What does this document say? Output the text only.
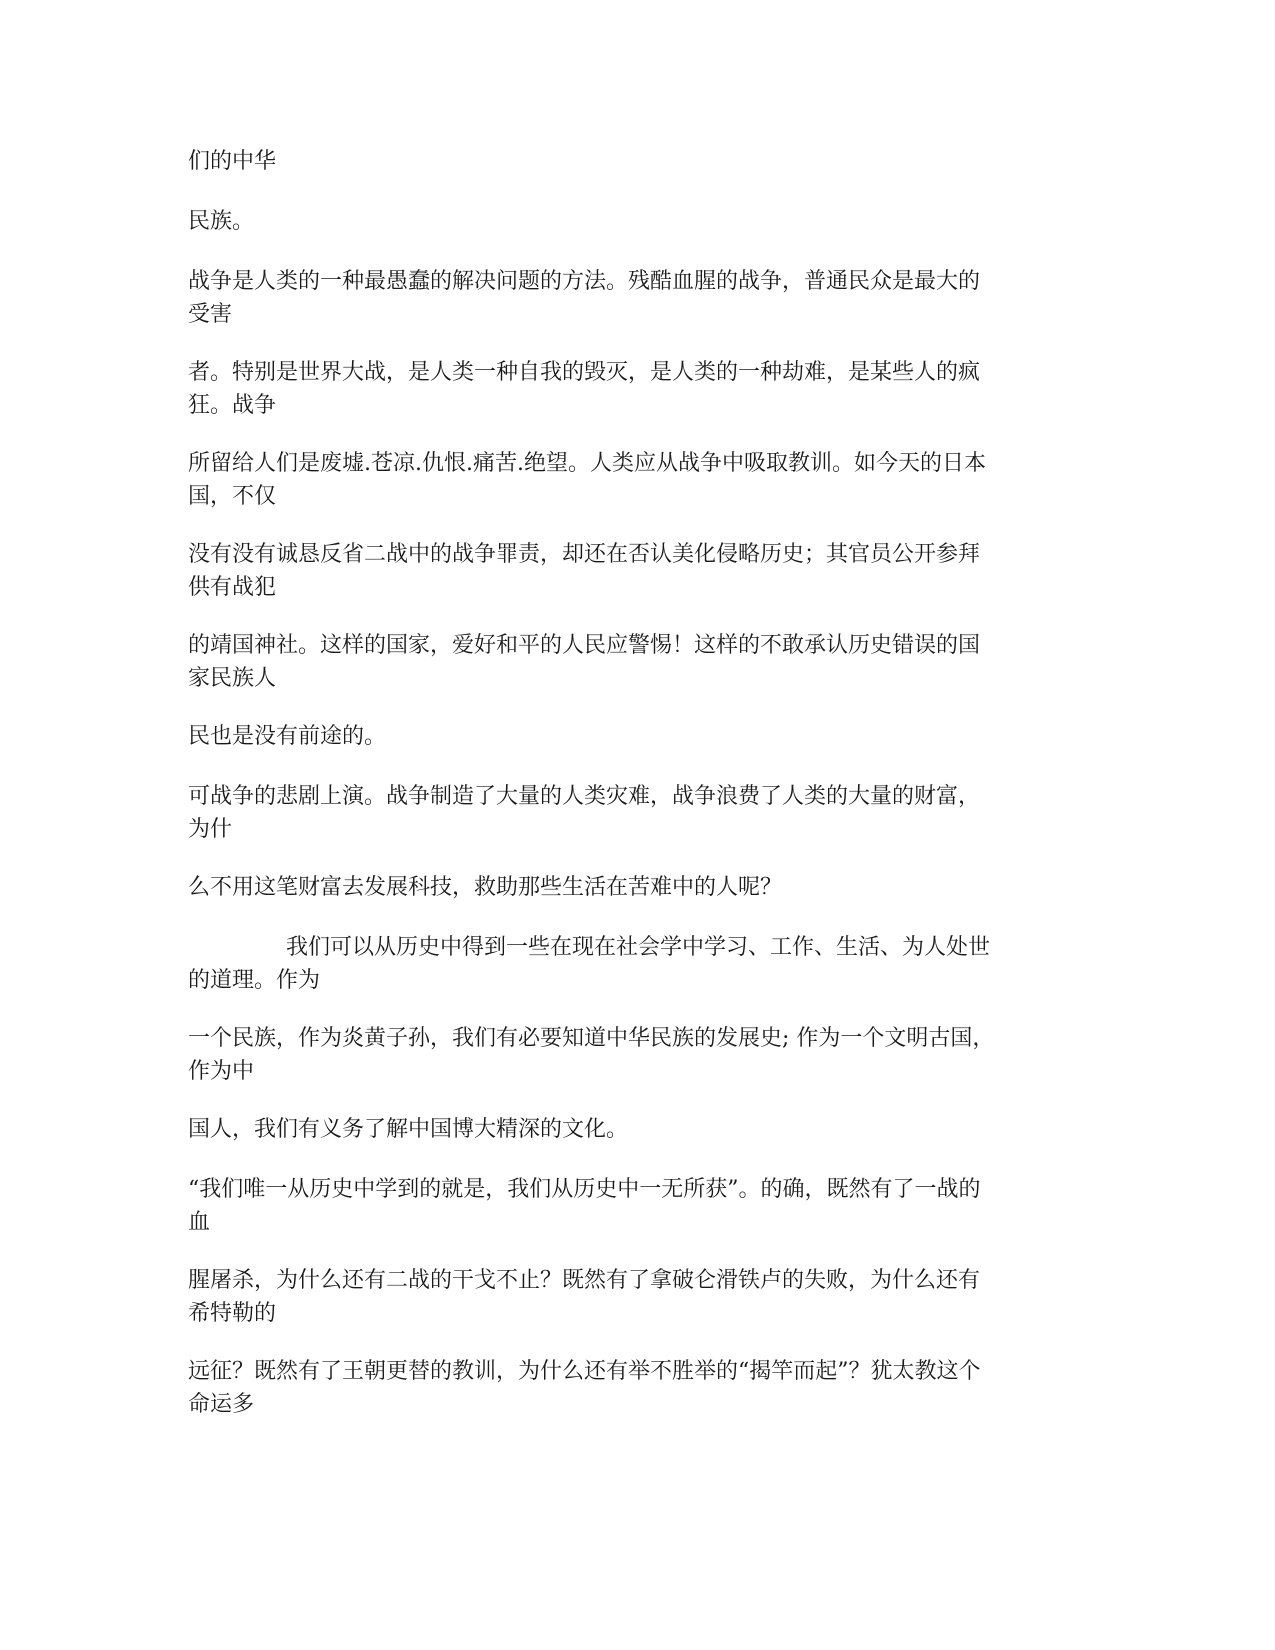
们的中华

民族。

战争是人类的一种最愚蠢的解决问题的方法。残酷血腥的战争，普通民众是最大的
受害

者。特别是世界大战，是人类一种自我的毁灭，是人类的一种劫难，是某些人的疯
狂。战争

所留给人们是废墟.苍凉.仇恨.痛苦.绝望。人类应从战争中吸取教训。如今天的日本
国，不仅

没有没有诚恳反省二战中的战争罪责，却还在否认美化侵略历史；其官员公开参拜
供有战犯

的靖国神社。这样的国家，爱好和平的人民应警惕！这样的不敢承认历史错误的国
家民族人

民也是没有前途的。

可战争的悲剧上演。战争制造了大量的人类灾难，战争浪费了人类的大量的财富，
为什

么不用这笔财富去发展科技，救助那些生活在苦难中的人呢？

我们可以从历史中得到一些在现在社会学中学习、工作、生活、为人处世
的道理。作为

一个民族，作为炎黄子孙，我们有必要知道中华民族的发展史; 作为一个文明古国，
作为中

国人，我们有义务了解中国博大精深的文化。

“我们唯一从历史中学到的就是，我们从历史中一无所获”。的确，既然有了一战的
血

腥屠杀，为什么还有二战的干戈不止？既然有了拿破仑滑铁卢的失败，为什么还有
希特勒的

远征？既然有了王朝更替的教训，为什么还有举不胜举的“揭竿而起”？犹太教这个
命运多
